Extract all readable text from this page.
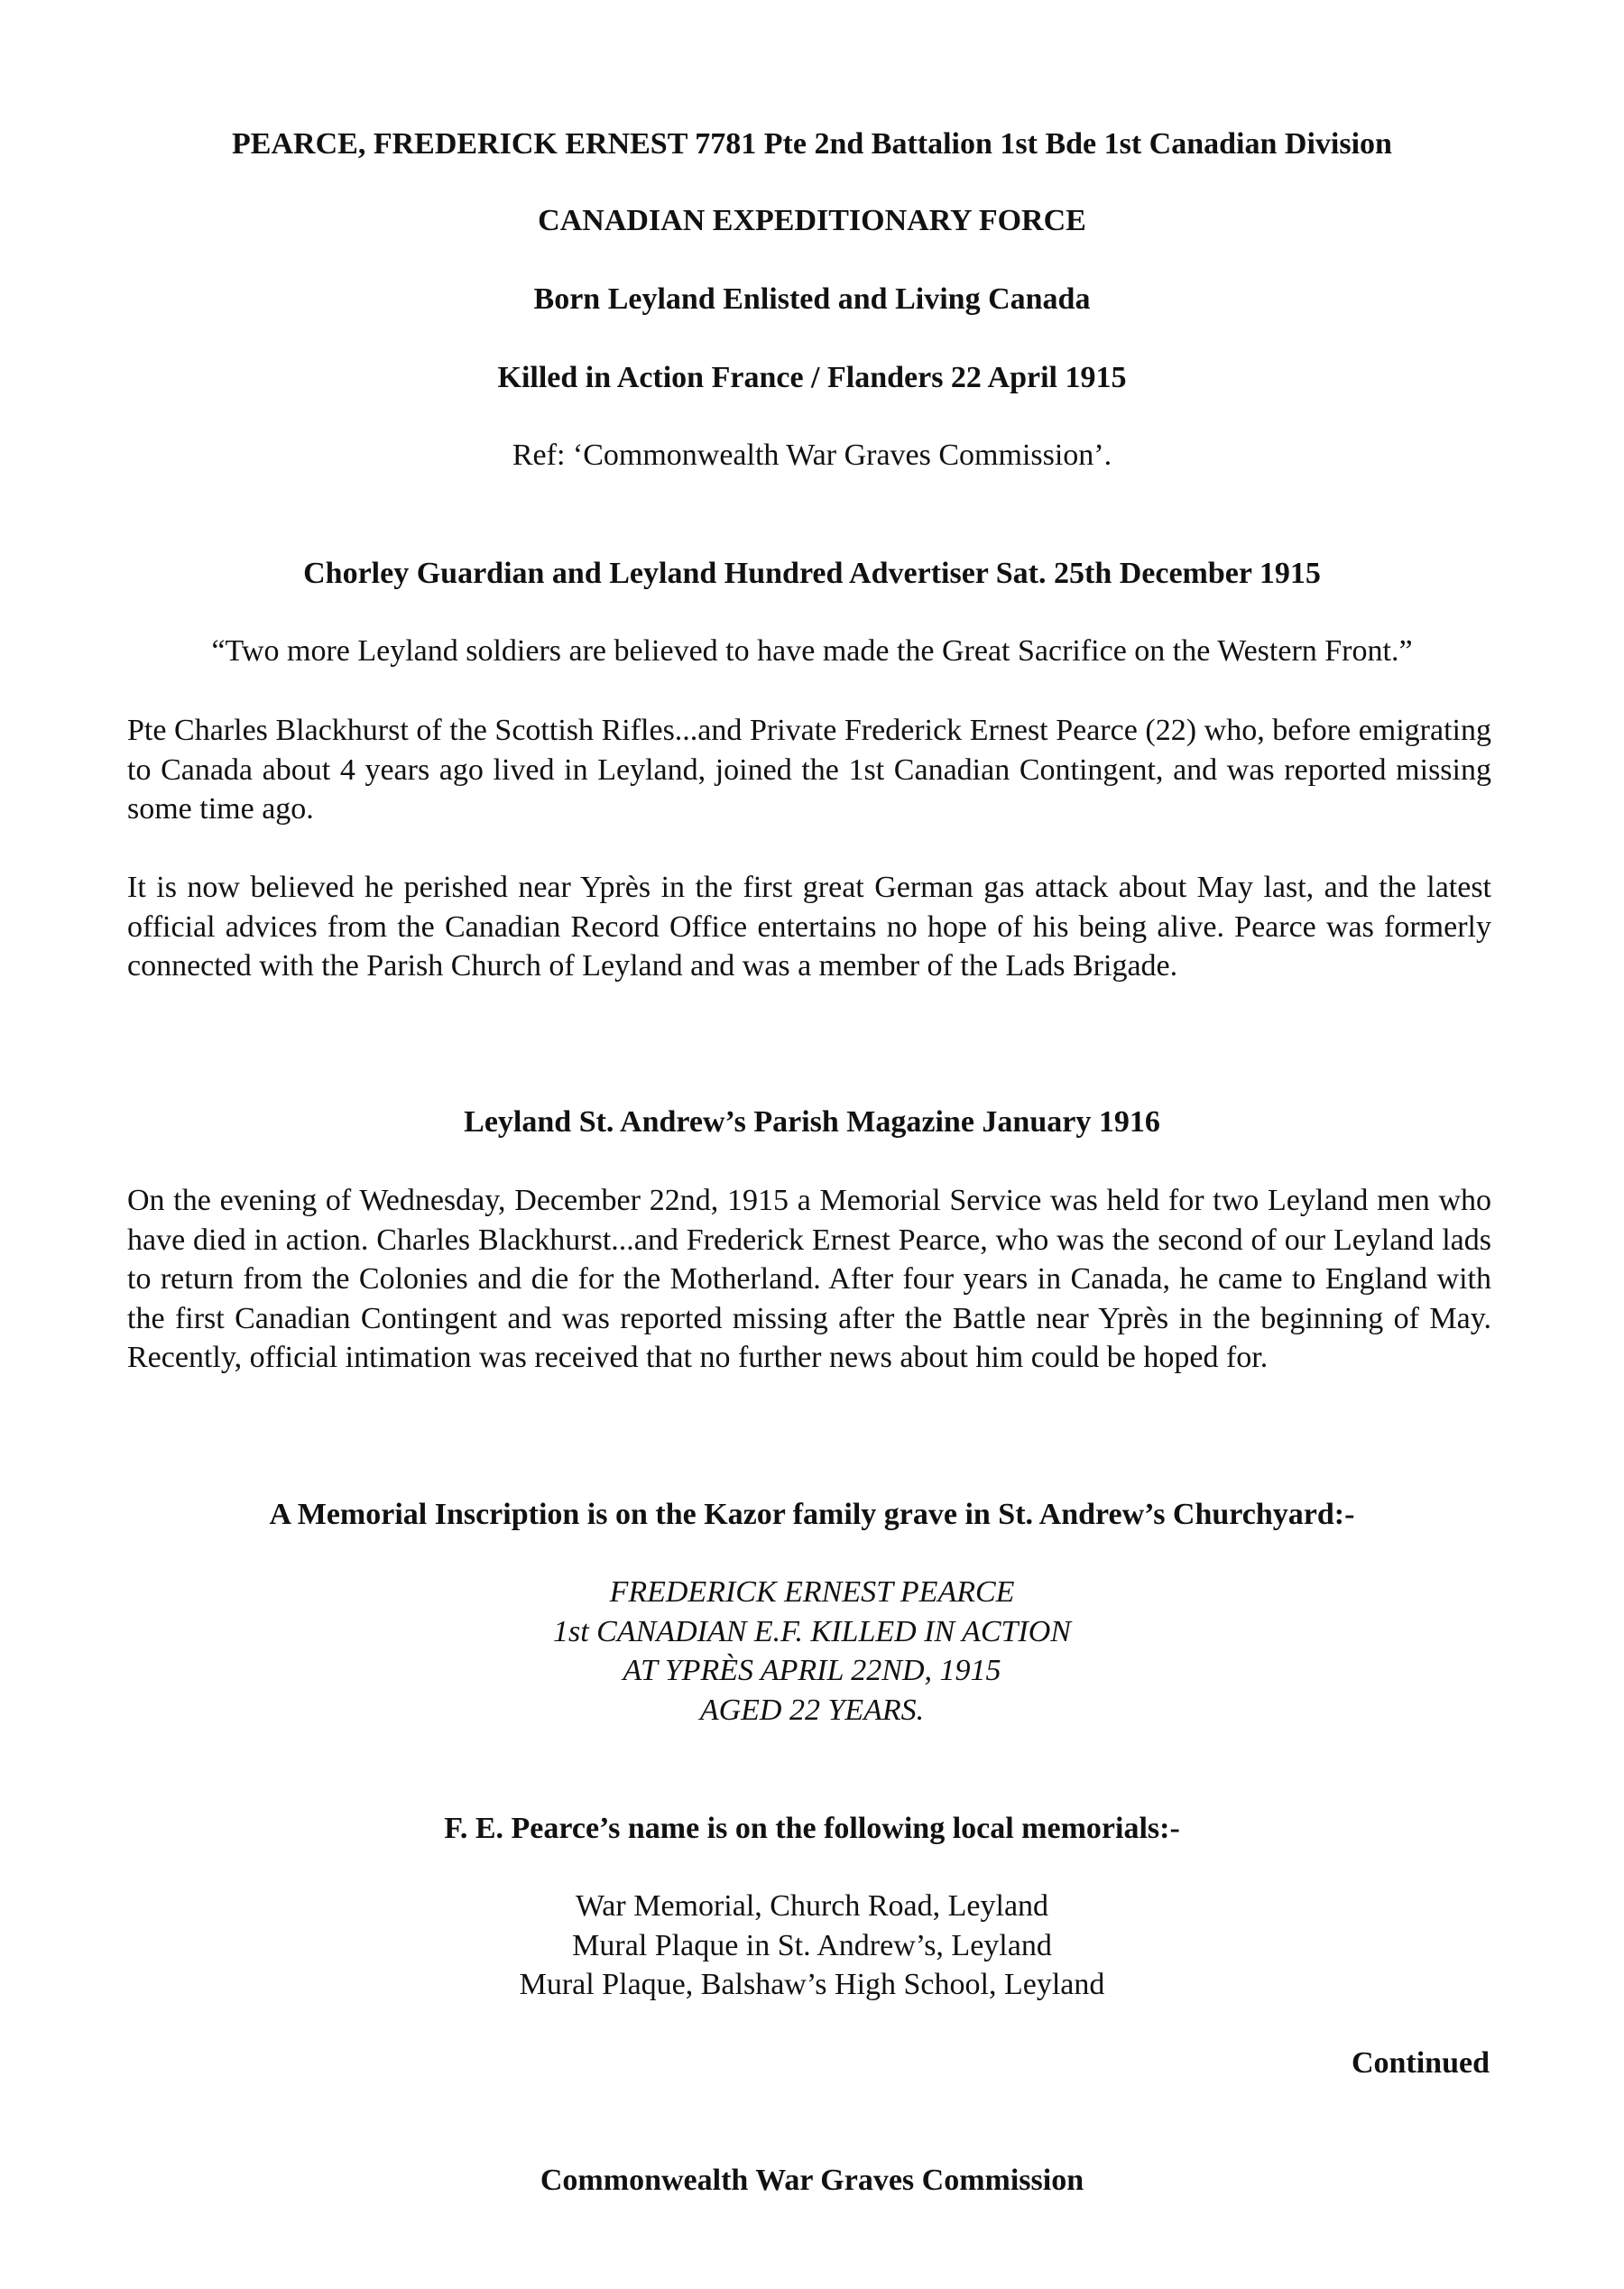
PEARCE, FREDERICK ERNEST 7781 Pte 2nd Battalion 1st Bde 1st Canadian Division
CANADIAN EXPEDITIONARY FORCE
Born Leyland Enlisted and Living Canada
Killed in Action France / Flanders 22 April 1915
Ref: ‘Commonwealth War Graves Commission’.
Chorley Guardian and Leyland Hundred Advertiser Sat. 25th December 1915
“Two more Leyland soldiers are believed to have made the Great Sacrifice on the Western Front.”

Pte Charles Blackhurst of the Scottish Rifles...and Private Frederick Ernest Pearce (22) who, before emigrating to Canada about 4 years ago lived in Leyland, joined the 1st Canadian Contingent, and was reported missing some time ago.

It is now believed he perished near Yprès in the first great German gas attack about May last, and the latest official advices from the Canadian Record Office entertains no hope of his being alive. Pearce was formerly connected with the Parish Church of Leyland and was a member of the Lads Brigade.

Leyland St. Andrew’s Parish Magazine January 1916

On the evening of Wednesday, December 22nd, 1915 a Memorial Service was held for two Leyland men who have died in action. Charles Blackhurst...and Frederick Ernest Pearce, who was the second of our Leyland lads to return from the Colonies and die for the Motherland. After four years in Canada, he came to England with the first Canadian Contingent and was reported missing after the Battle near Yprès in the beginning of May. Recently, official intimation was received that no further news about him could be hoped for.

A Memorial Inscription is on the Kazor family grave in St. Andrew’s Churchyard:-
FREDERICK ERNEST PEARCE
1st CANADIAN E.F. KILLED IN ACTION
AT YPRÈS APRIL 22ND, 1915
AGED 22 YEARS.
F. E. Pearce’s name is on the following local memorials:-
War Memorial, Church Road, Leyland
Mural Plaque in St. Andrew’s, Leyland
Mural Plaque, Balshaw’s High School, Leyland
Continued
Commonwealth War Graves Commission
